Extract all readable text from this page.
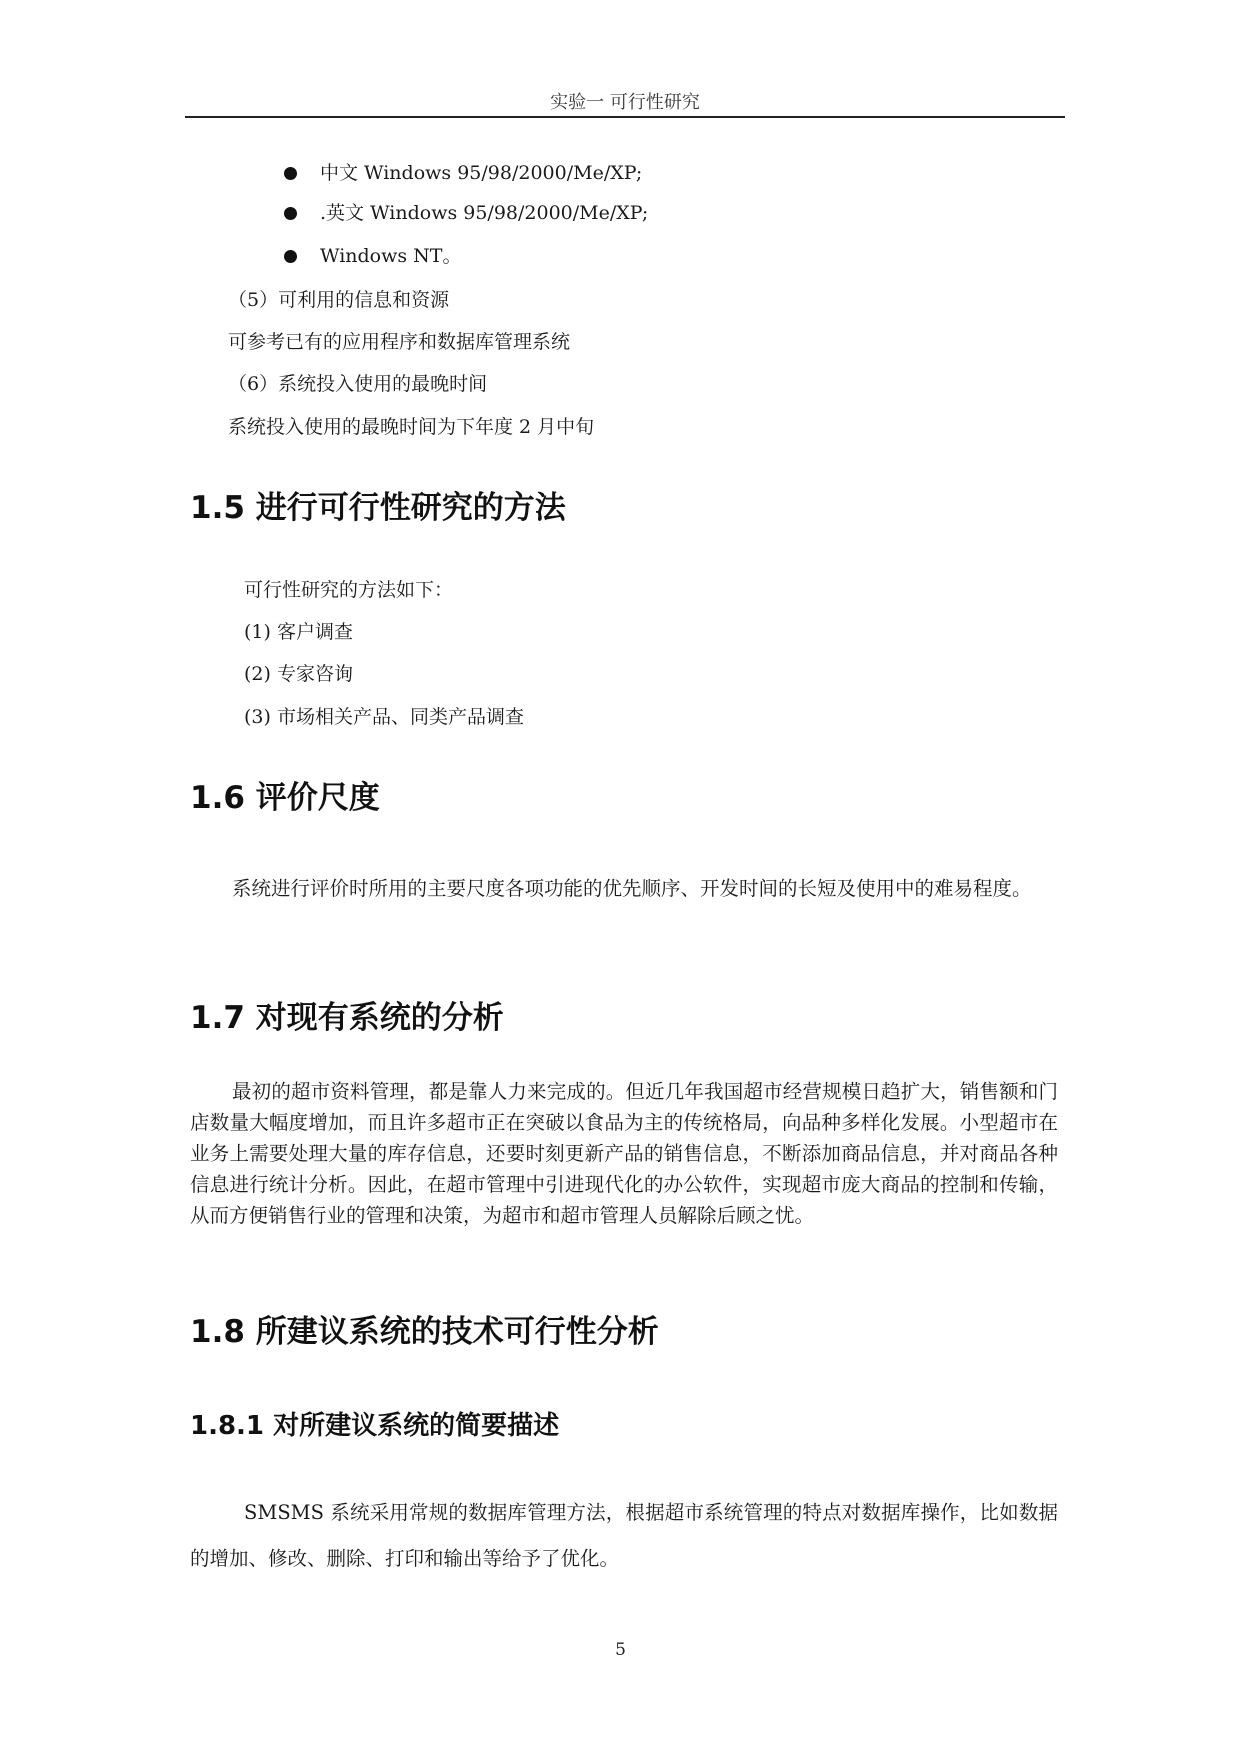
实验一 可行性研究
中文 Windows 95/98/2000/Me/XP;
.英文 Windows 95/98/2000/Me/XP;
Windows NT。
（5）可利用的信息和资源
可参考已有的应用程序和数据库管理系统
（6）系统投入使用的最晚时间
系统投入使用的最晚时间为下年度 2 月中旬
1.5 进行可行性研究的方法
可行性研究的方法如下：
(1) 客户调查
(2) 专家咨询
(3) 市场相关产品、同类产品调查
1.6 评价尺度
系统进行评价时所用的主要尺度各项功能的优先顺序、开发时间的长短及使用中的难易程度。
1.7 对现有系统的分析
最初的超市资料管理，都是靠人力来完成的。但近几年我国超市经营规模日趋扩大，销售额和门店数量大幅度增加，而且许多超市正在突破以食品为主的传统格局，向品种多样化发展。小型超市在业务上需要处理大量的库存信息，还要时刻更新产品的销售信息，不断添加商品信息，并对商品各种信息进行统计分析。因此，在超市管理中引进现代化的办公软件，实现超市庞大商品的控制和传输，从而方便销售行业的管理和决策，为超市和超市管理人员解除后顾之忧。
1.8 所建议系统的技术可行性分析
1.8.1 对所建议系统的简要描述
SMSMS 系统采用常规的数据库管理方法，根据超市系统管理的特点对数据库操作，比如数据的增加、修改、删除、打印和输出等给予了优化。
5
